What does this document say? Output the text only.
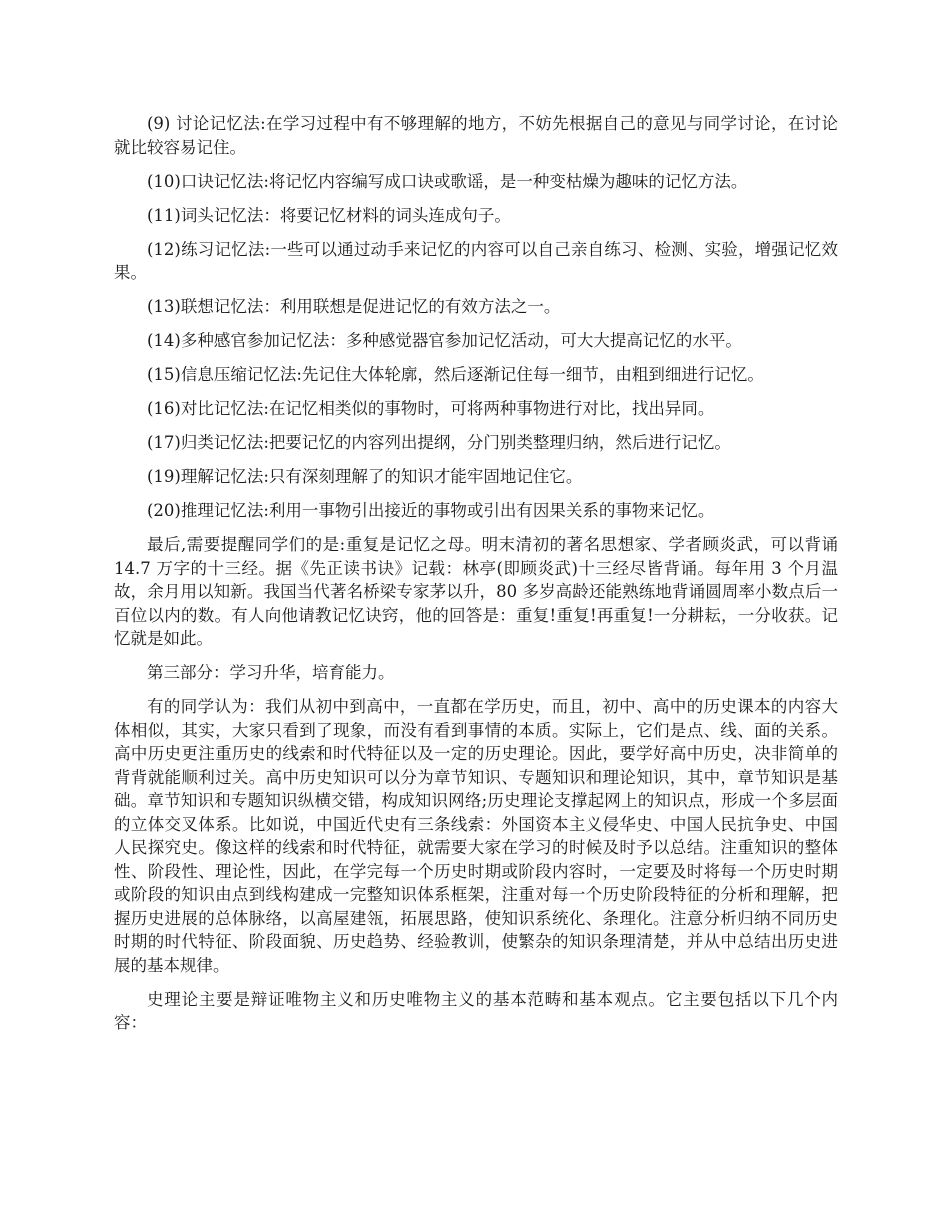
(9) 讨论记忆法:在学习过程中有不够理解的地方，不妨先根据自己的意见与同学讨论，在讨论就比较容易记住。

(10)口诀记忆法:将记忆内容编写成口诀或歌谣，是一种变枯燥为趣味的记忆方法。

(11)词头记忆法：将要记忆材料的词头连成句子。

(12)练习记忆法:一些可以通过动手来记忆的内容可以自己亲自练习、检测、实验，增强记忆效果。

(13)联想记忆法：利用联想是促进记忆的有效方法之一。

(14)多种感官参加记忆法：多种感觉器官参加记忆活动，可大大提高记忆的水平。

(15)信息压缩记忆法:先记住大体轮廓，然后逐渐记住每一细节，由粗到细进行记忆。

(16)对比记忆法:在记忆相类似的事物时，可将两种事物进行对比，找出异同。

(17)归类记忆法:把要记忆的内容列出提纲，分门别类整理归纳，然后进行记忆。

(19)理解记忆法:只有深刻理解了的知识才能牢固地记住它。

(20)推理记忆法:利用一事物引出接近的事物或引出有因果关系的事物来记忆。

最后,需要提醒同学们的是:重复是记忆之母。明末清初的著名思想家、学者顾炎武，可以背诵 14.7 万字的十三经。据《先正读书诀》记载：林亭(即顾炎武)十三经尽皆背诵。每年用 3 个月温故，余月用以知新。我国当代著名桥梁专家茅以升，80 多岁高龄还能熟练地背诵圆周率小数点后一百位以内的数。有人向他请教记忆诀窍，他的回答是：重复!重复!再重复!一分耕耘，一分收获。记忆就是如此。

第三部分：学习升华，培育能力。

有的同学认为：我们从初中到高中，一直都在学历史，而且，初中、高中的历史课本的内容大体相似，其实，大家只看到了现象，而没有看到事情的本质。实际上，它们是点、线、面的关系。高中历史更注重历史的线索和时代特征以及一定的历史理论。因此，要学好高中历史，决非简单的背背就能顺利过关。高中历史知识可以分为章节知识、专题知识和理论知识，其中，章节知识是基础。章节知识和专题知识纵横交错，构成知识网络;历史理论支撑起网上的知识点，形成一个多层面的立体交叉体系。比如说，中国近代史有三条线索：外国资本主义侵华史、中国人民抗争史、中国人民探究史。像这样的线索和时代特征，就需要大家在学习的时候及时予以总结。注重知识的整体性、阶段性、理论性，因此，在学完每一个历史时期或阶段内容时，一定要及时将每一个历史时期或阶段的知识由点到线构建成一完整知识体系框架，注重对每一个历史阶段特征的分析和理解，把握历史进展的总体脉络，以高屋建瓴，拓展思路，使知识系统化、条理化。注意分析归纳不同历史时期的时代特征、阶段面貌、历史趋势、经验教训，使繁杂的知识条理清楚，并从中总结出历史进展的基本规律。

史理论主要是辩证唯物主义和历史唯物主义的基本范畴和基本观点。它主要包括以下几个内容：
